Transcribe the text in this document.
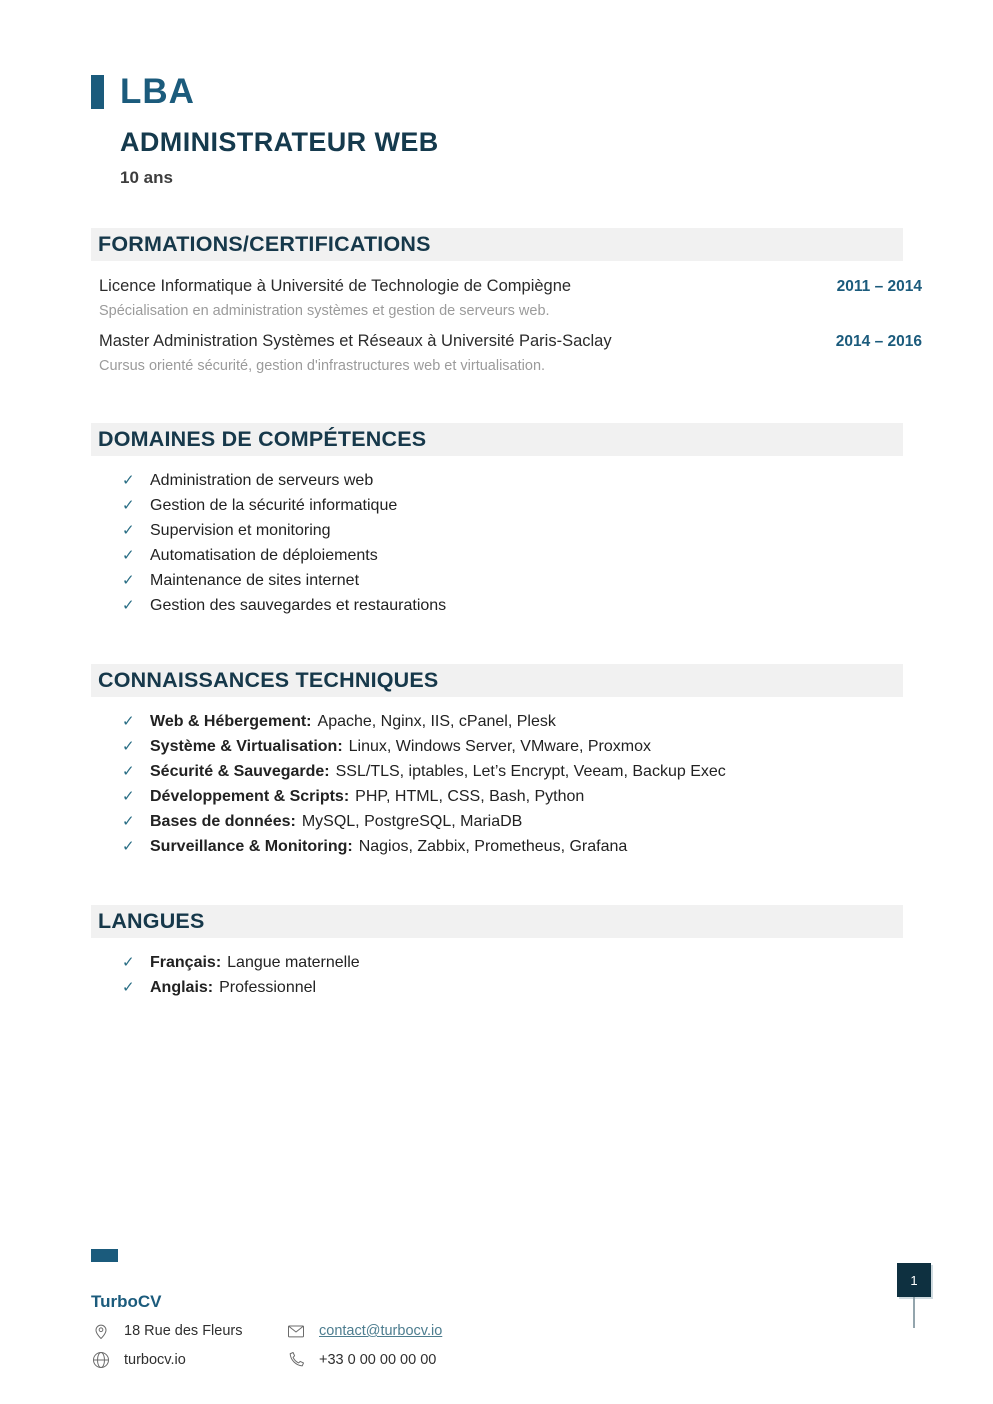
LBA
ADMINISTRATEUR WEB
10 ans
FORMATIONS/CERTIFICATIONS
Licence Informatique à Université de Technologie de Compiègne	2011 – 2014
Spécialisation en administration systèmes et gestion de serveurs web.
Master Administration Systèmes et Réseaux à Université Paris-Saclay	2014 – 2016
Cursus orienté sécurité, gestion d'infrastructures web et virtualisation.
DOMAINES DE COMPÉTENCES
✓ Administration de serveurs web
✓ Gestion de la sécurité informatique
✓ Supervision et monitoring
✓ Automatisation de déploiements
✓ Maintenance de sites internet
✓ Gestion des sauvegardes et restaurations
CONNAISSANCES TECHNIQUES
✓ Web & Hébergement: Apache, Nginx, IIS, cPanel, Plesk
✓ Système & Virtualisation: Linux, Windows Server, VMware, Proxmox
✓ Sécurité & Sauvegarde: SSL/TLS, iptables, Let’s Encrypt, Veeam, Backup Exec
✓ Développement & Scripts: PHP, HTML, CSS, Bash, Python
✓ Bases de données: MySQL, PostgreSQL, MariaDB
✓ Surveillance & Monitoring: Nagios, Zabbix, Prometheus, Grafana
LANGUES
✓ Français: Langue maternelle
✓ Anglais: Professionnel
TurboCV
18 Rue des Fleurs	contact@turbocv.io
turbocv.io	+33 0 00 00 00 00
1
